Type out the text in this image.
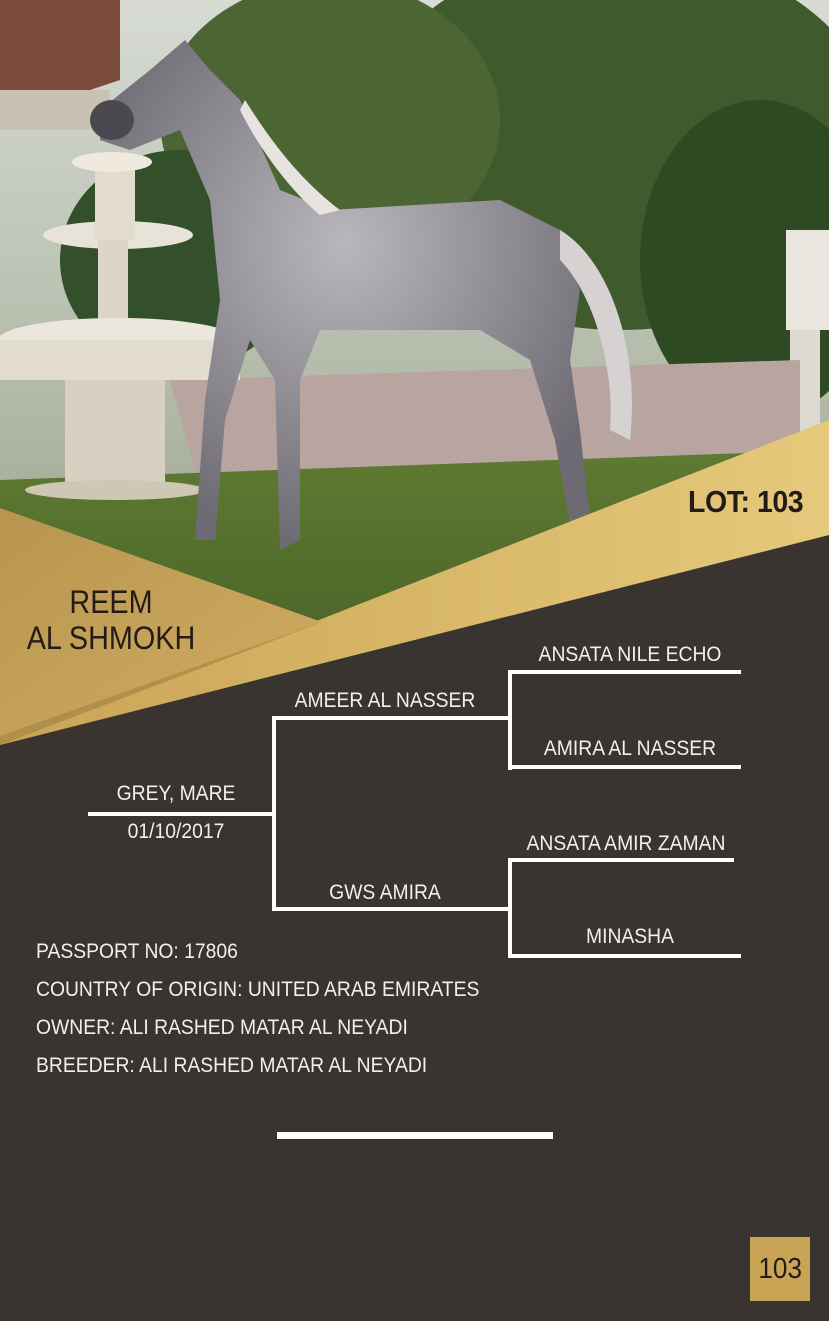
LOT: 103
REEM
AL SHMOKH
GREY, MARE
01/10/2017
AMEER AL NASSER
ANSATA NILE ECHO
AMIRA AL NASSER
GWS AMIRA
ANSATA AMIR ZAMAN
MINASHA
PASSPORT NO: 17806
COUNTRY OF ORIGIN: UNITED ARAB EMIRATES
OWNER: ALI RASHED MATAR AL NEYADI
BREEDER: ALI RASHED MATAR AL NEYADI
103
